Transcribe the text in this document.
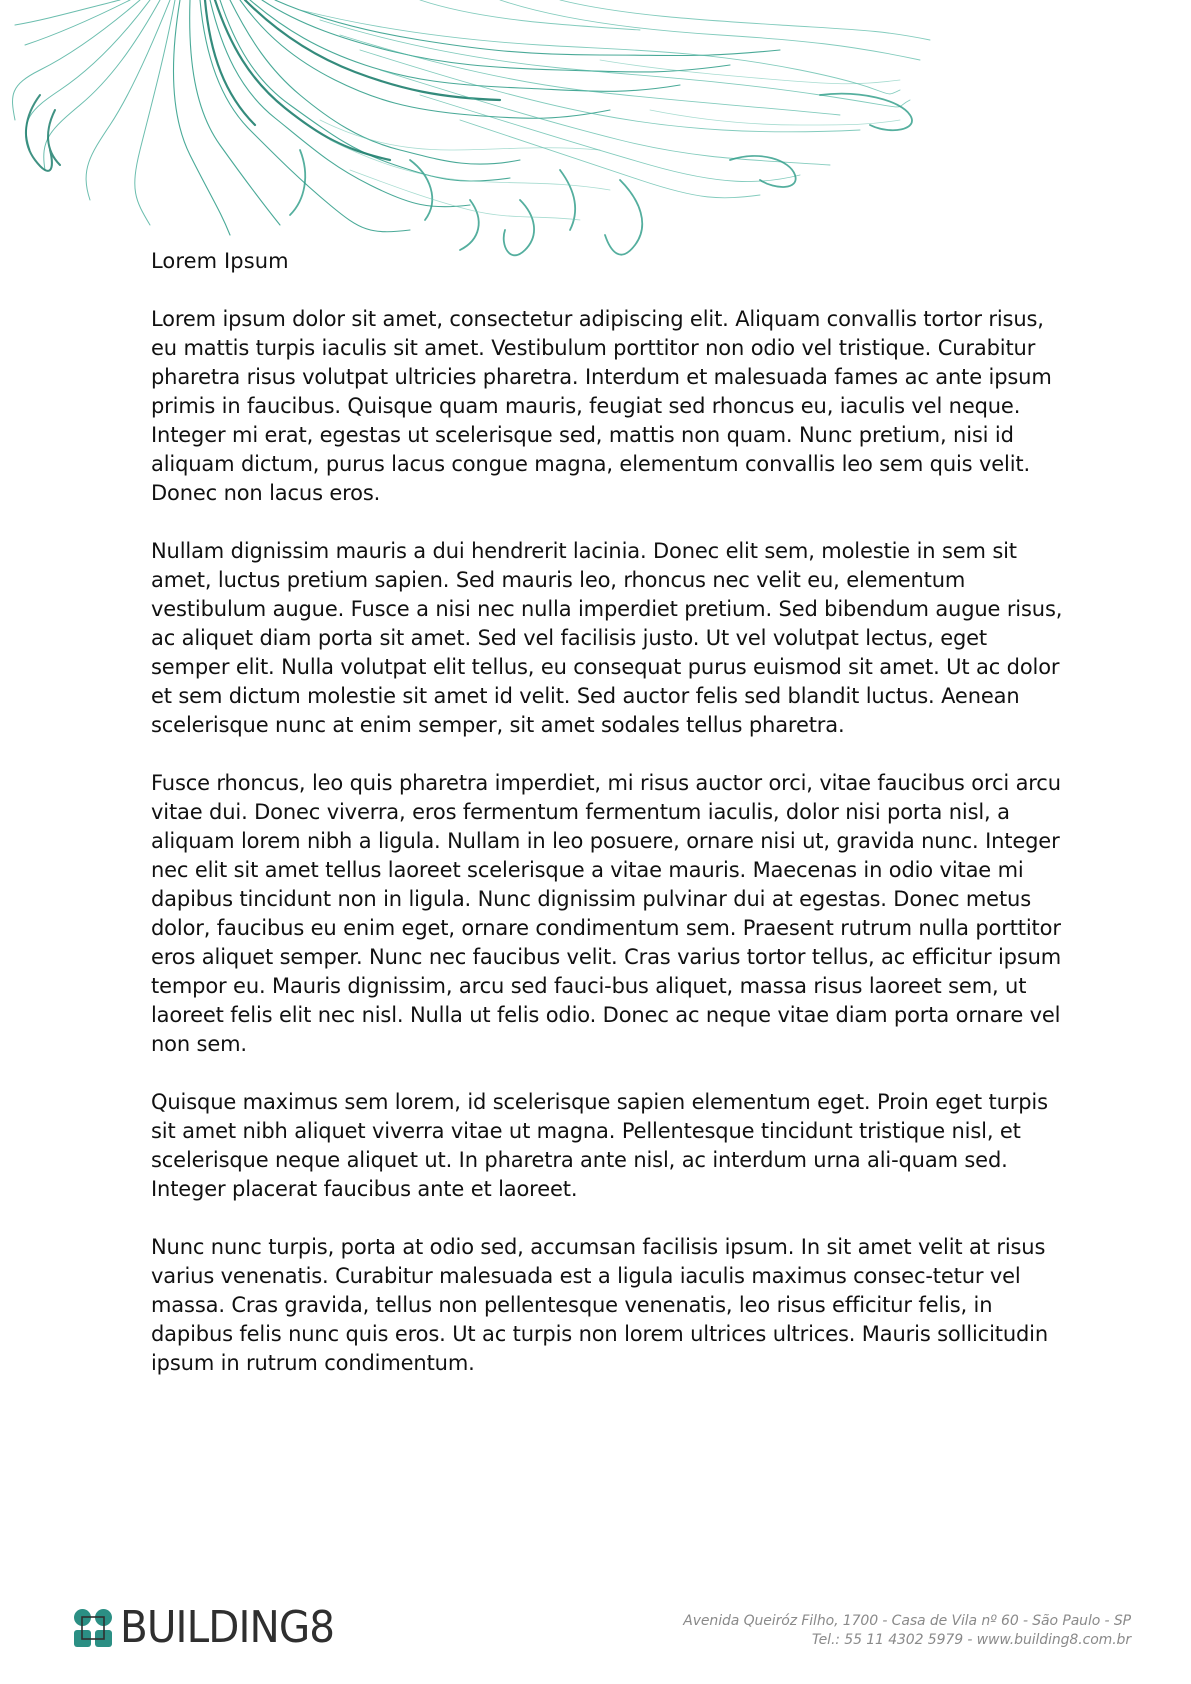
Lorem Ipsum

Lorem ipsum dolor sit amet, consectetur adipiscing elit. Aliquam convallis tortor risus, eu mattis turpis iaculis sit amet. Vestibulum porttitor non odio vel tristique. Curabitur pharetra risus volutpat ultricies pharetra. Interdum et malesuada fames ac ante ipsum primis in faucibus. Quisque quam mauris, feugiat sed rhoncus eu, iaculis vel neque. Integer mi erat, egestas ut scelerisque sed, mattis non quam. Nunc pretium, nisi id aliquam dictum, purus lacus congue magna, elementum convallis leo sem quis velit. Donec non lacus eros.

Nullam dignissim mauris a dui hendrerit lacinia. Donec elit sem, molestie in sem sit amet, luctus pretium sapien. Sed mauris leo, rhoncus nec velit eu, elementum vestibulum augue. Fusce a nisi nec nulla imperdiet pretium. Sed bibendum augue risus, ac aliquet diam porta sit amet. Sed vel facilisis justo. Ut vel volutpat lectus, eget semper elit. Nulla volutpat elit tellus, eu consequat purus euismod sit amet. Ut ac dolor et sem dictum molestie sit amet id velit. Sed auctor felis sed blandit luctus. Aenean scelerisque nunc at enim semper, sit amet sodales tellus pharetra.

Fusce rhoncus, leo quis pharetra imperdiet, mi risus auctor orci, vitae faucibus orci arcu vitae dui. Donec viverra, eros fermentum fermentum iaculis, dolor nisi porta nisl, a aliquam lorem nibh a ligula. Nullam in leo posuere, ornare nisi ut, gravida nunc. Integer nec elit sit amet tellus laoreet scelerisque a vitae mauris. Maecenas in odio vitae mi dapibus tincidunt non in ligula. Nunc dignissim pulvinar dui at egestas. Donec metus dolor, faucibus eu enim eget, ornare condimentum sem. Praesent rutrum nulla porttitor eros aliquet semper. Nunc nec faucibus velit. Cras varius tortor tellus, ac efficitur ipsum tempor eu. Mauris dignissim, arcu sed fauci-bus aliquet, massa risus laoreet sem, ut laoreet felis elit nec nisl. Nulla ut felis odio. Donec ac neque vitae diam porta ornare vel non sem.

Quisque maximus sem lorem, id scelerisque sapien elementum eget. Proin eget turpis sit amet nibh aliquet viverra vitae ut magna. Pellentesque tincidunt tristique nisl, et scelerisque neque aliquet ut. In pharetra ante nisl, ac interdum urna ali-quam sed. Integer placerat faucibus ante et laoreet.

Nunc nunc turpis, porta at odio sed, accumsan facilisis ipsum. In sit amet velit at risus varius venenatis. Curabitur malesuada est a ligula iaculis maximus consec-tetur vel massa. Cras gravida, tellus non pellentesque venenatis, leo risus efficitur felis, in dapibus felis nunc quis eros. Ut ac turpis non lorem ultrices ultrices. Mauris sollicitudin ipsum in rutrum condimentum.

BUILDING8	Avenida Queiróz Filho, 1700 - Casa de Vila nº 60 - São Paulo - SP
Tel.: 55 11 4302 5979 - www.building8.com.br
